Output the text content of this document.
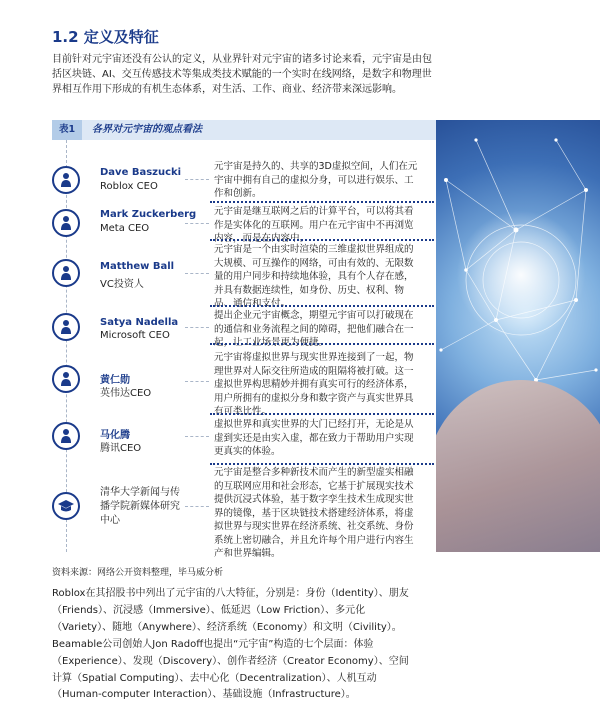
1.2 定义及特征

目前针对元宇宙还没有公认的定义，从业界针对元宇宙的诸多讨论来看，元宇宙是由包括区块链、AI、交互传感技术等集成类技术赋能的一个实时在线网络，是数字和物理世界相互作用下形成的有机生态体系，对生活、工作、商业、经济带来深远影响。

表1	各界对元宇宙的观点看法
Dave Baszucki
Roblox CEO

元宇宙是持久的、共享的3D虚拟空间，人们在元宇宙中拥有自己的虚拟分身，可以进行娱乐、工作和创新。

Mark Zuckerberg
Meta CEO

元宇宙是继互联网之后的计算平台，可以将其看作是实体化的互联网。用户在元宇宙中不再浏览内容，而是在内容中。

Matthew Ball
VC投资人

元宇宙是一个由实时渲染的三维虚拟世界组成的大规模、可互操作的网络，可由有效的、无限数量的用户同步和持续地体验，具有个人存在感，并具有数据连续性，如身份、历史、权利、物品、通信和支付。

Satya Nadella
Microsoft CEO

提出企业元宇宙概念，期望元宇宙可以打破现在的通信和业务流程之间的障碍，把他们融合在一起，让工业场景更为便捷。

黄仁勋
英伟达CEO

元宇宙将虚拟世界与现实世界连接到了一起，物理世界对人际交往所造成的阻隔将被打破。这一虚拟世界构思精妙并拥有真实可行的经济体系，用户所拥有的虚拟分身和数字资产与真实世界具有可类比性。

马化腾
腾讯CEO

虚拟世界和真实世界的大门已经打开，无论是从虚到实还是由实入虚，都在致力于帮助用户实现更真实的体验。

清华大学新闻与传播学院新媒体研究中心

元宇宙是整合多种新技术而产生的新型虚实相融的互联网应用和社会形态，它基于扩展现实技术提供沉浸式体验，基于数字孪生技术生成现实世界的镜像，基于区块链技术搭建经济体系，将虚拟世界与现实世界在经济系统、社交系统、身份系统上密切融合，并且允许每个用户进行内容生产和世界编辑。

资料来源：网络公开资料整理，毕马威分析

Roblox在其招股书中列出了元宇宙的八大特征，分别是：身份（Identity）、朋友（Friends）、沉浸感（Immersive）、低延迟（Low Friction）、多元化（Variety）、随地（Anywhere）、经济系统（Economy）和文明（Civility）。

Beamable公司创始人Jon Radoff也提出“元宇宙”构造的七个层面：体验（Experience）、发现（Discovery）、创作者经济（Creator Economy）、空间计算（Spatial Computing）、去中心化（Decentralization）、人机互动（Human-computer Interaction）、基础设施（Infrastructure）。
